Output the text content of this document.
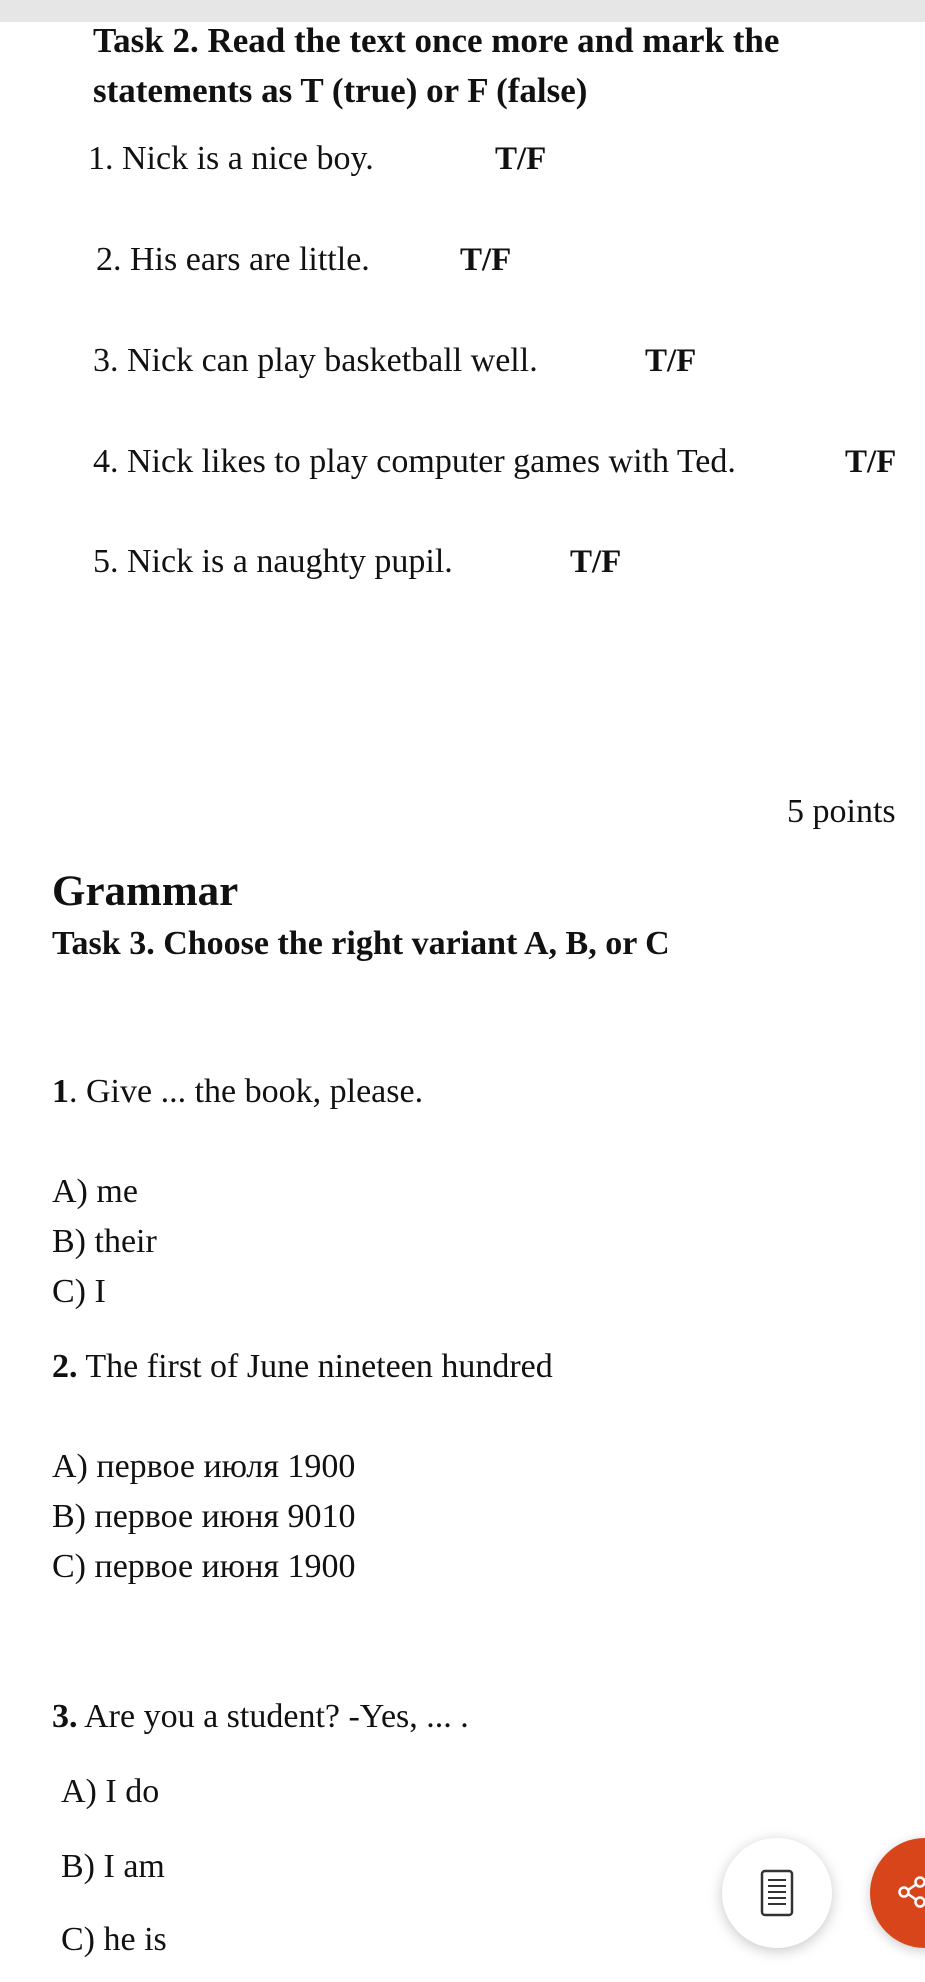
Task 2. Read the text once more and mark the statements as T (true) or F (false)
1. Nick is a nice boy.	T/F
2. His ears are little.	T/F
3. Nick can play basketball well.	T/F
4. Nick likes to play computer games with Ted.	T/F
5. Nick is a naughty pupil.	T/F
5 points
Grammar
Task 3. Choose the right variant A, B, or C
1. Give ... the book, please.
A) me
B) their
C) I
2. The first of June nineteen hundred
A) первое июля 1900
B) первое июня 9010
C) первое июня 1900
3. Are you a student? -Yes, ... .
A) I do
B) I am
C) he is
